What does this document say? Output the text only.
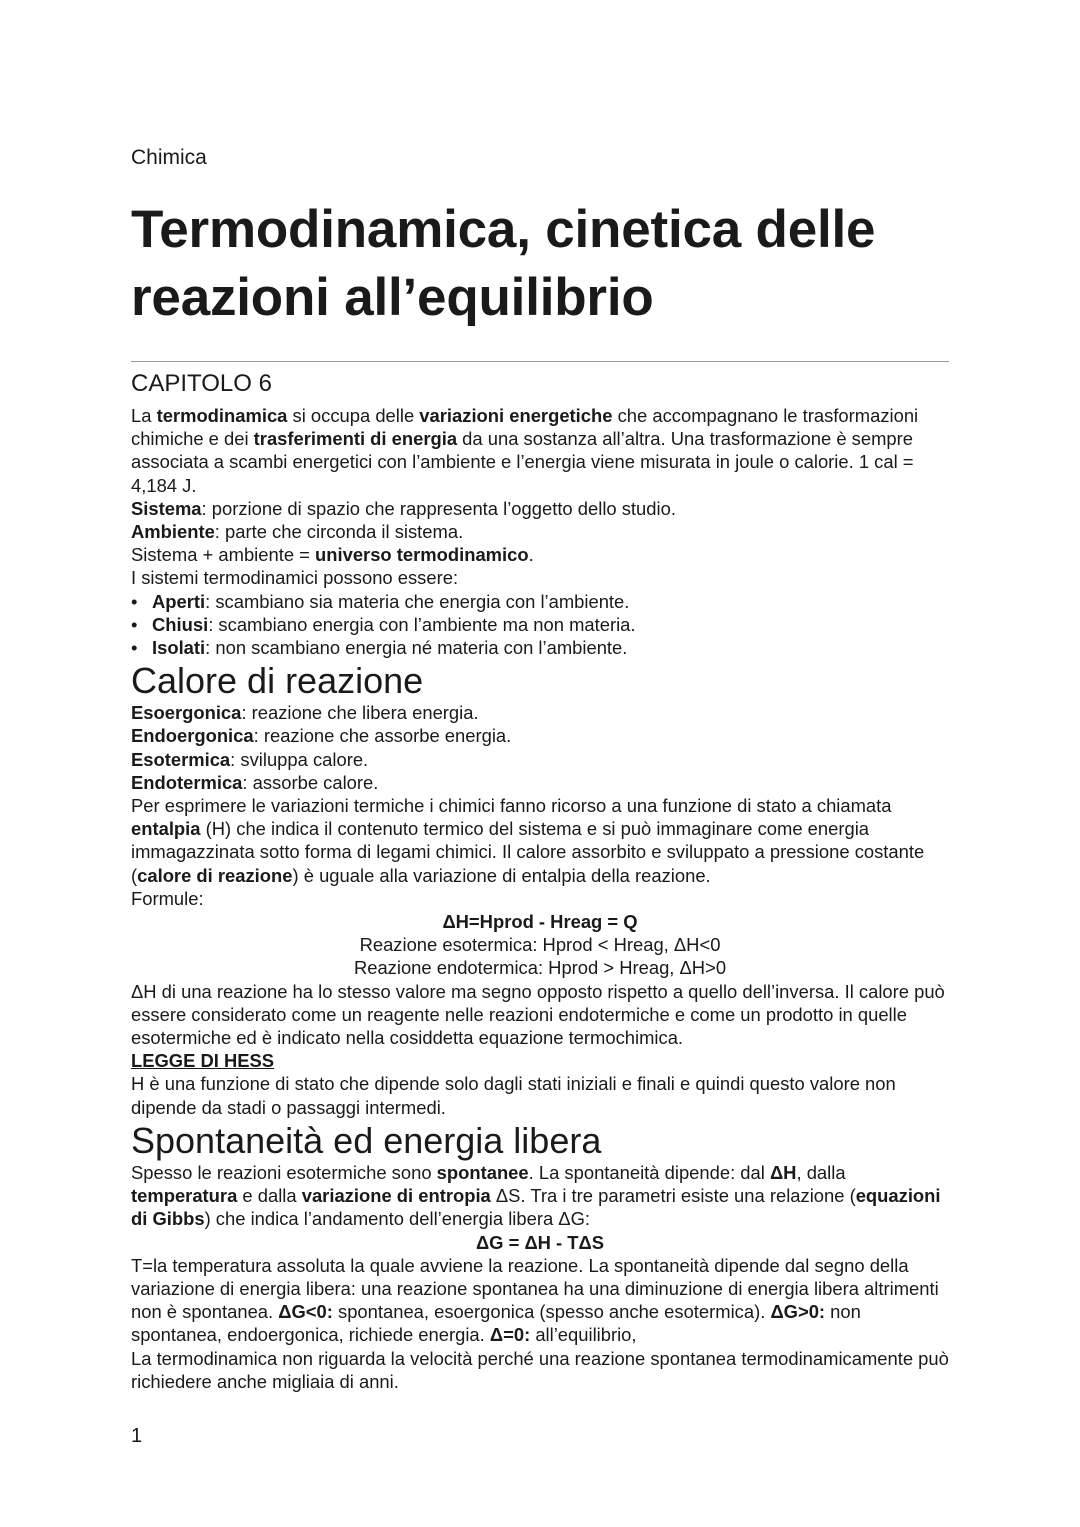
Chimica
Termodinamica, cinetica delle
reazioni all’equilibrio
CAPITOLO 6

La termodinamica si occupa delle variazioni energetiche che accompagnano le trasformazioni chimiche e dei trasferimenti di energia da una sostanza all’altra. Una trasformazione è sempre associata a scambi energetici con l’ambiente e l’energia viene misurata in joule o calorie. 1 cal = 4,184 J.

Sistema: porzione di spazio che rappresenta l’oggetto dello studio.

Ambiente: parte che circonda il sistema.

Sistema + ambiente = universo termodinamico.

I sistemi termodinamici possono essere:

• Aperti: scambiano sia materia che energia con l’ambiente.
• Chiusi: scambiano energia con l’ambiente ma non materia.
• Isolati: non scambiano energia né materia con l’ambiente.
Calore di reazione

Esoergonica: reazione che libera energia.

Endoergonica: reazione che assorbe energia.

Esotermica: sviluppa calore.

Endotermica: assorbe calore.

Per esprimere le variazioni termiche i chimici fanno ricorso a una funzione di stato a chiamata entalpia (H) che indica il contenuto termico del sistema e si può immaginare come energia immagazzinata sotto forma di legami chimici. Il calore assorbito e sviluppato a pressione costante (calore di reazione) è uguale alla variazione di entalpia della reazione.

Formule:

ΔH=Hprod - Hreag = Q

Reazione esotermica: Hprod < Hreag, ΔH<0

Reazione endotermica: Hprod > Hreag, ΔH>0

ΔH di una reazione ha lo stesso valore ma segno opposto rispetto a quello dell’inversa. Il calore può essere considerato come un reagente nelle reazioni endotermiche e come un prodotto in quelle esotermiche ed è indicato nella cosiddetta equazione termochimica.

LEGGE DI HESS

H è una funzione di stato che dipende solo dagli stati iniziali e finali e quindi questo valore non dipende da stadi o passaggi intermedi.

Spontaneità ed energia libera

Spesso le reazioni esotermiche sono spontanee. La spontaneità dipende: dal ΔH, dalla temperatura e dalla variazione di entropia ΔS. Tra i tre parametri esiste una relazione (equazioni di Gibbs) che indica l’andamento dell’energia libera ΔG:

ΔG = ΔH - TΔS

T=la temperatura assoluta la quale avviene la reazione. La spontaneità dipende dal segno della variazione di energia libera: una reazione spontanea ha una diminuzione di energia libera altrimenti non è spontanea. ΔG<0: spontanea, esoergonica (spesso anche esotermica). ΔG>0: non spontanea, endoergonica, richiede energia. Δ=0: all’equilibrio,

La termodinamica non riguarda la velocità perché una reazione spontanea termodinamicamente può richiedere anche migliaia di anni.

1
